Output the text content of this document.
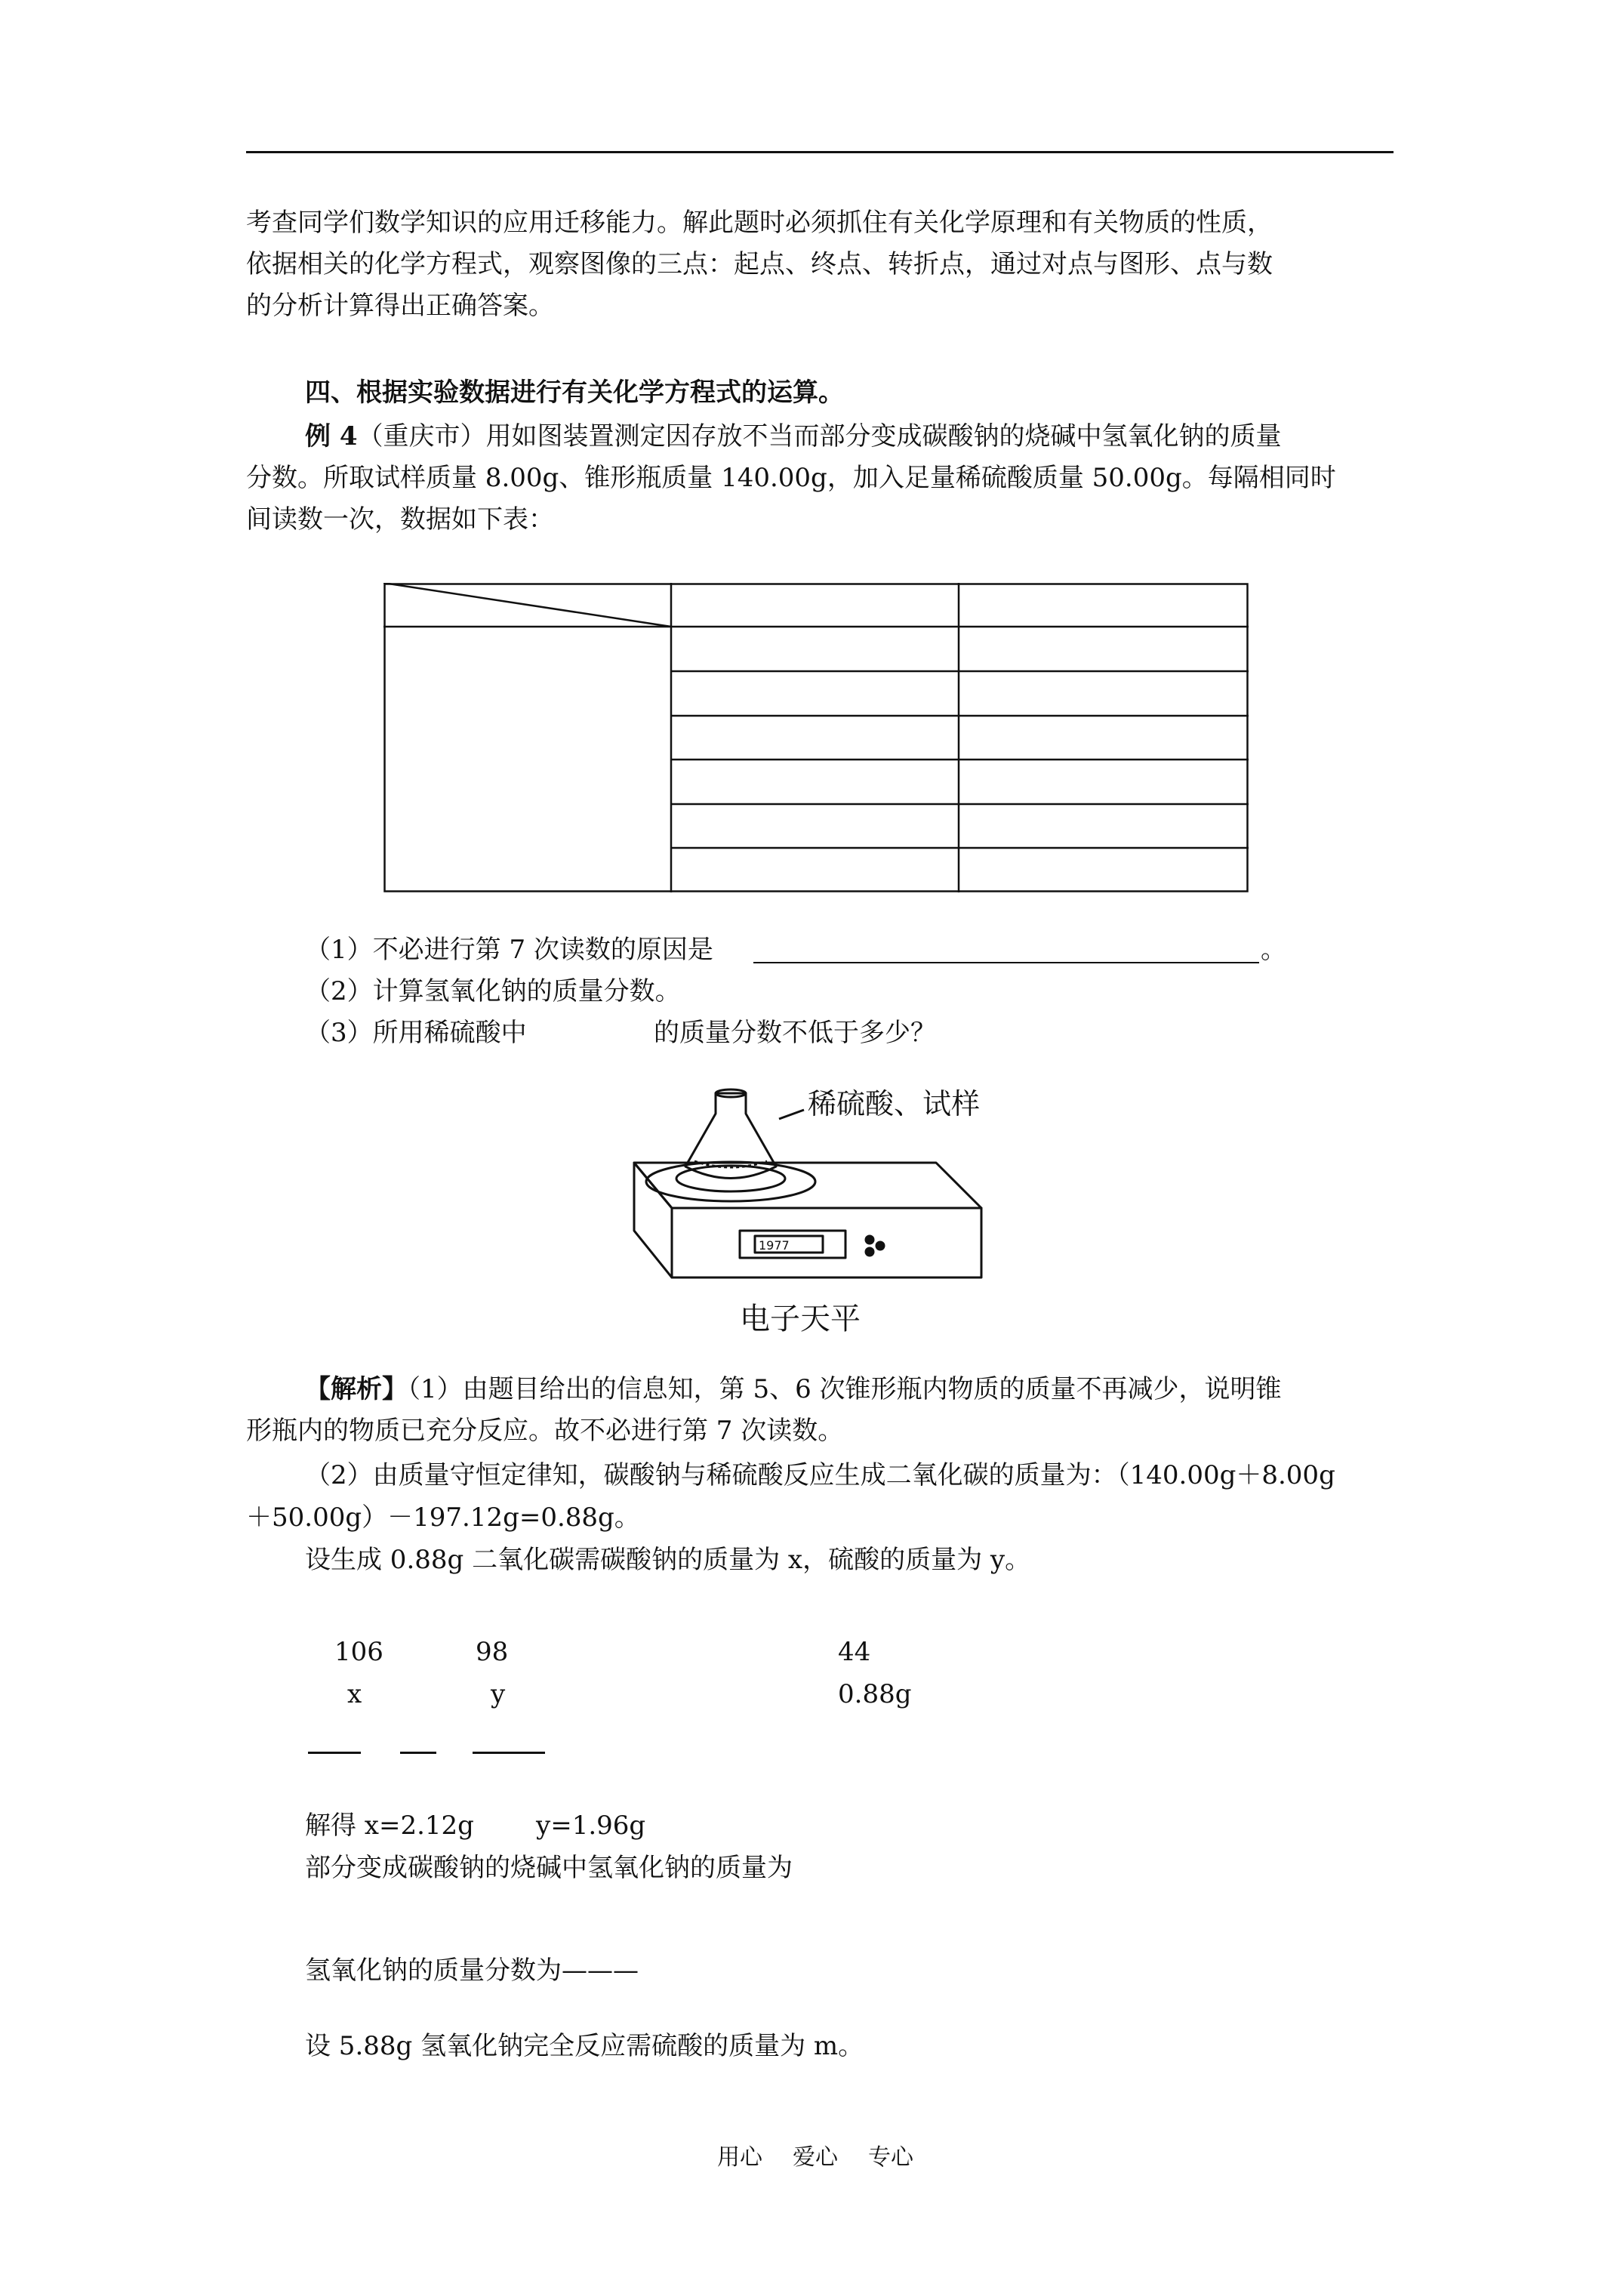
考查同学们数学知识的应用迁移能力。解此题时必须抓住有关化学原理和有关物质的性质，
依据相关的化学方程式，观察图像的三点：起点、终点、转折点，通过对点与图形、点与数
的分析计算得出正确答案。
四、根据实验数据进行有关化学方程式的运算。
例 4（重庆市）用如图装置测定因存放不当而部分变成碳酸钠的烧碱中氢氧化钠的质量
分数。所取试样质量 8.00g、锥形瓶质量 140.00g，加入足量稀硫酸质量 50.00g。每隔相同时
间读数一次，数据如下表：
（1）不必进行第 7 次读数的原因是	。
（2）计算氢氧化钠的质量分数。
（3）所用稀硫酸中	的质量分数不低于多少？
1977
稀硫酸、试样
电子天平
【解析】（1）由题目给出的信息知，第 5、6 次锥形瓶内物质的质量不再减少，说明锥
形瓶内的物质已充分反应。故不必进行第 7 次读数。
（2）由质量守恒定律知，碳酸钠与稀硫酸反应生成二氧化碳的质量为：（140.00g＋8.00g
＋50.00g）－197.12g=0.88g。
设生成 0.88g 二氧化碳需碳酸钠的质量为 x，硫酸的质量为 y。
106	98	44
x	y	0.88g
解得 x=2.12g y=1.96g
部分变成碳酸钠的烧碱中氢氧化钠的质量为
氢氧化钠的质量分数为———
设 5.88g 氢氧化钠完全反应需硫酸的质量为 m。
用心 爱心 专心
